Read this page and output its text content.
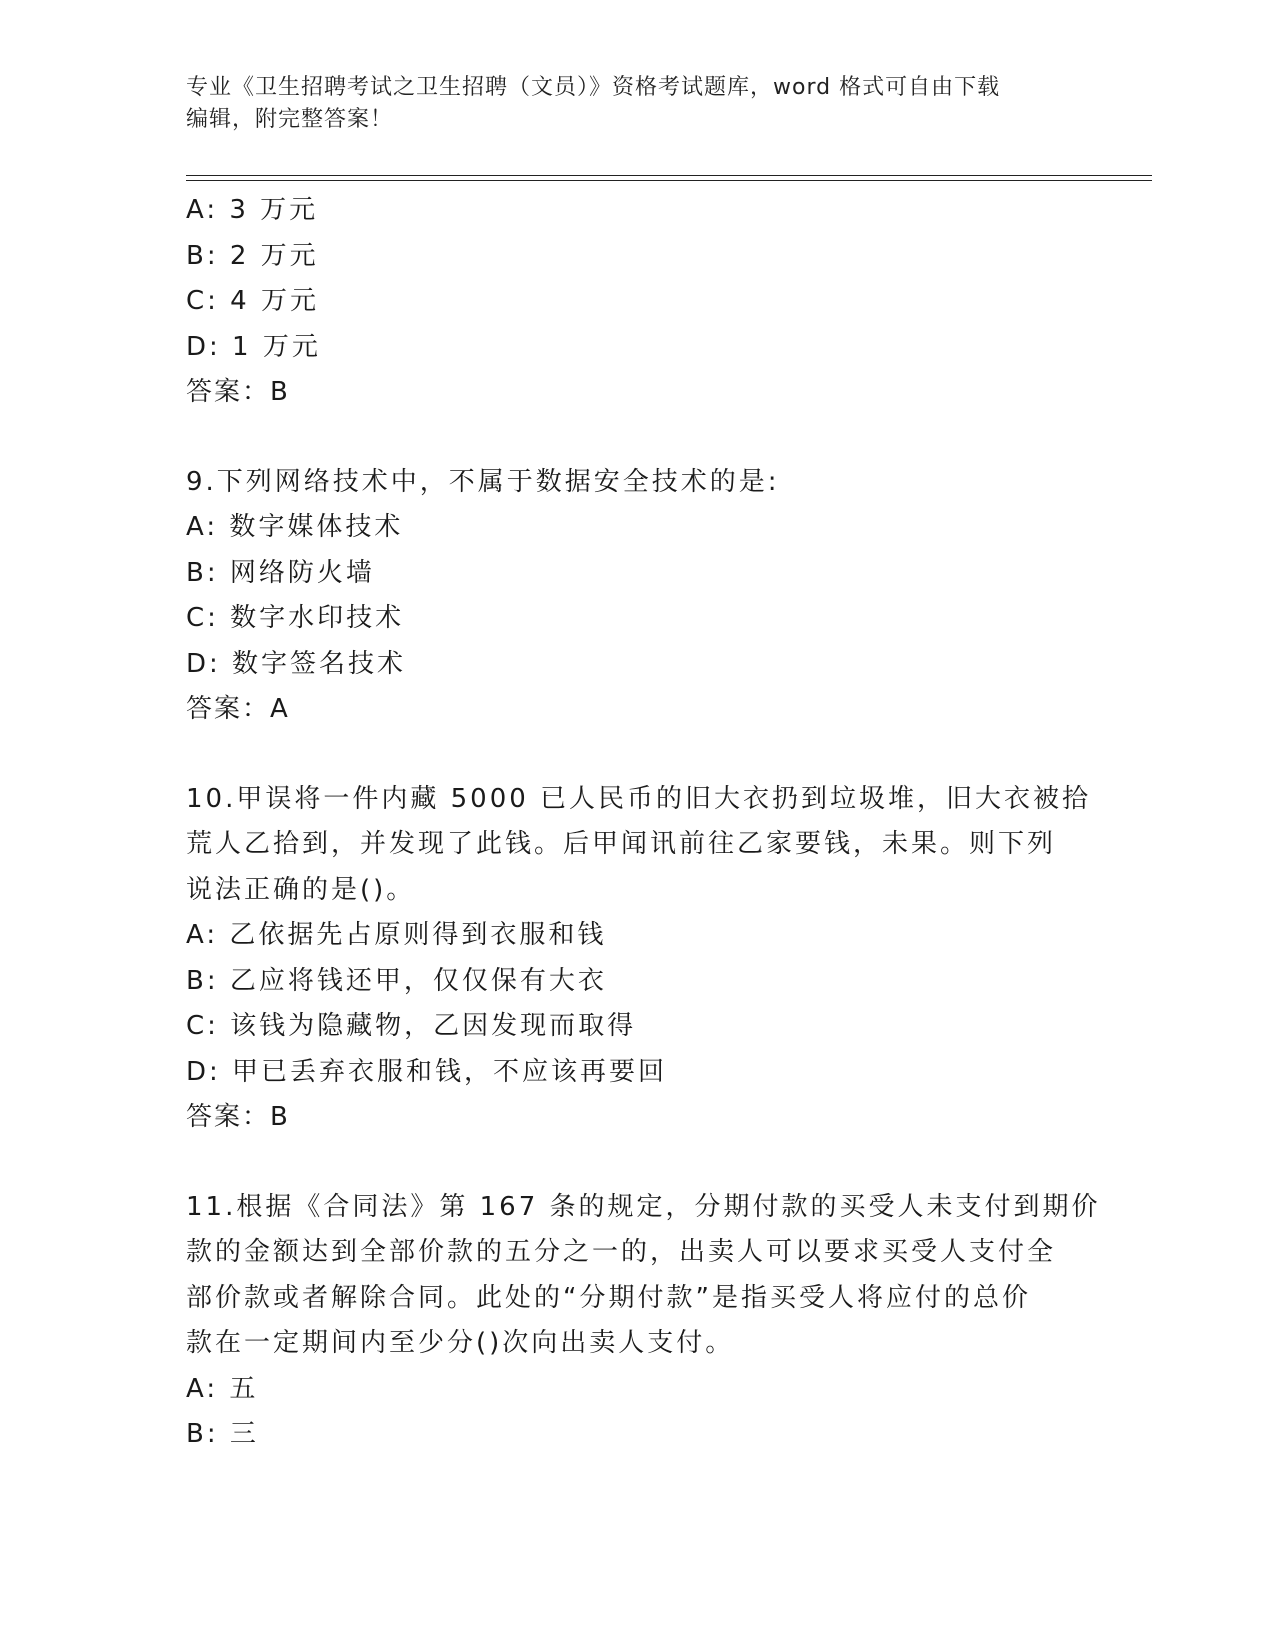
专业《卫生招聘考试之卫生招聘（文员）》资格考试题库，word 格式可自由下载
编辑，附完整答案！
A: 3 万元
B: 2 万元
C: 4 万元
D: 1 万元
答案：B
9.下列网络技术中，不属于数据安全技术的是:
A: 数字媒体技术
B: 网络防火墙
C: 数字水印技术
D: 数字签名技术
答案：A
10.甲误将一件内藏 5000 已人民币的旧大衣扔到垃圾堆，旧大衣被拾
荒人乙拾到，并发现了此钱。后甲闻讯前往乙家要钱，未果。则下列
说法正确的是()。
A: 乙依据先占原则得到衣服和钱
B: 乙应将钱还甲，仅仅保有大衣
C: 该钱为隐藏物，乙因发现而取得
D: 甲已丢弃衣服和钱，不应该再要回
答案：B
11.根据《合同法》第 167 条的规定，分期付款的买受人未支付到期价
款的金额达到全部价款的五分之一的，出卖人可以要求买受人支付全
部价款或者解除合同。此处的“分期付款”是指买受人将应付的总价
款在一定期间内至少分()次向出卖人支付。
A: 五
B: 三
